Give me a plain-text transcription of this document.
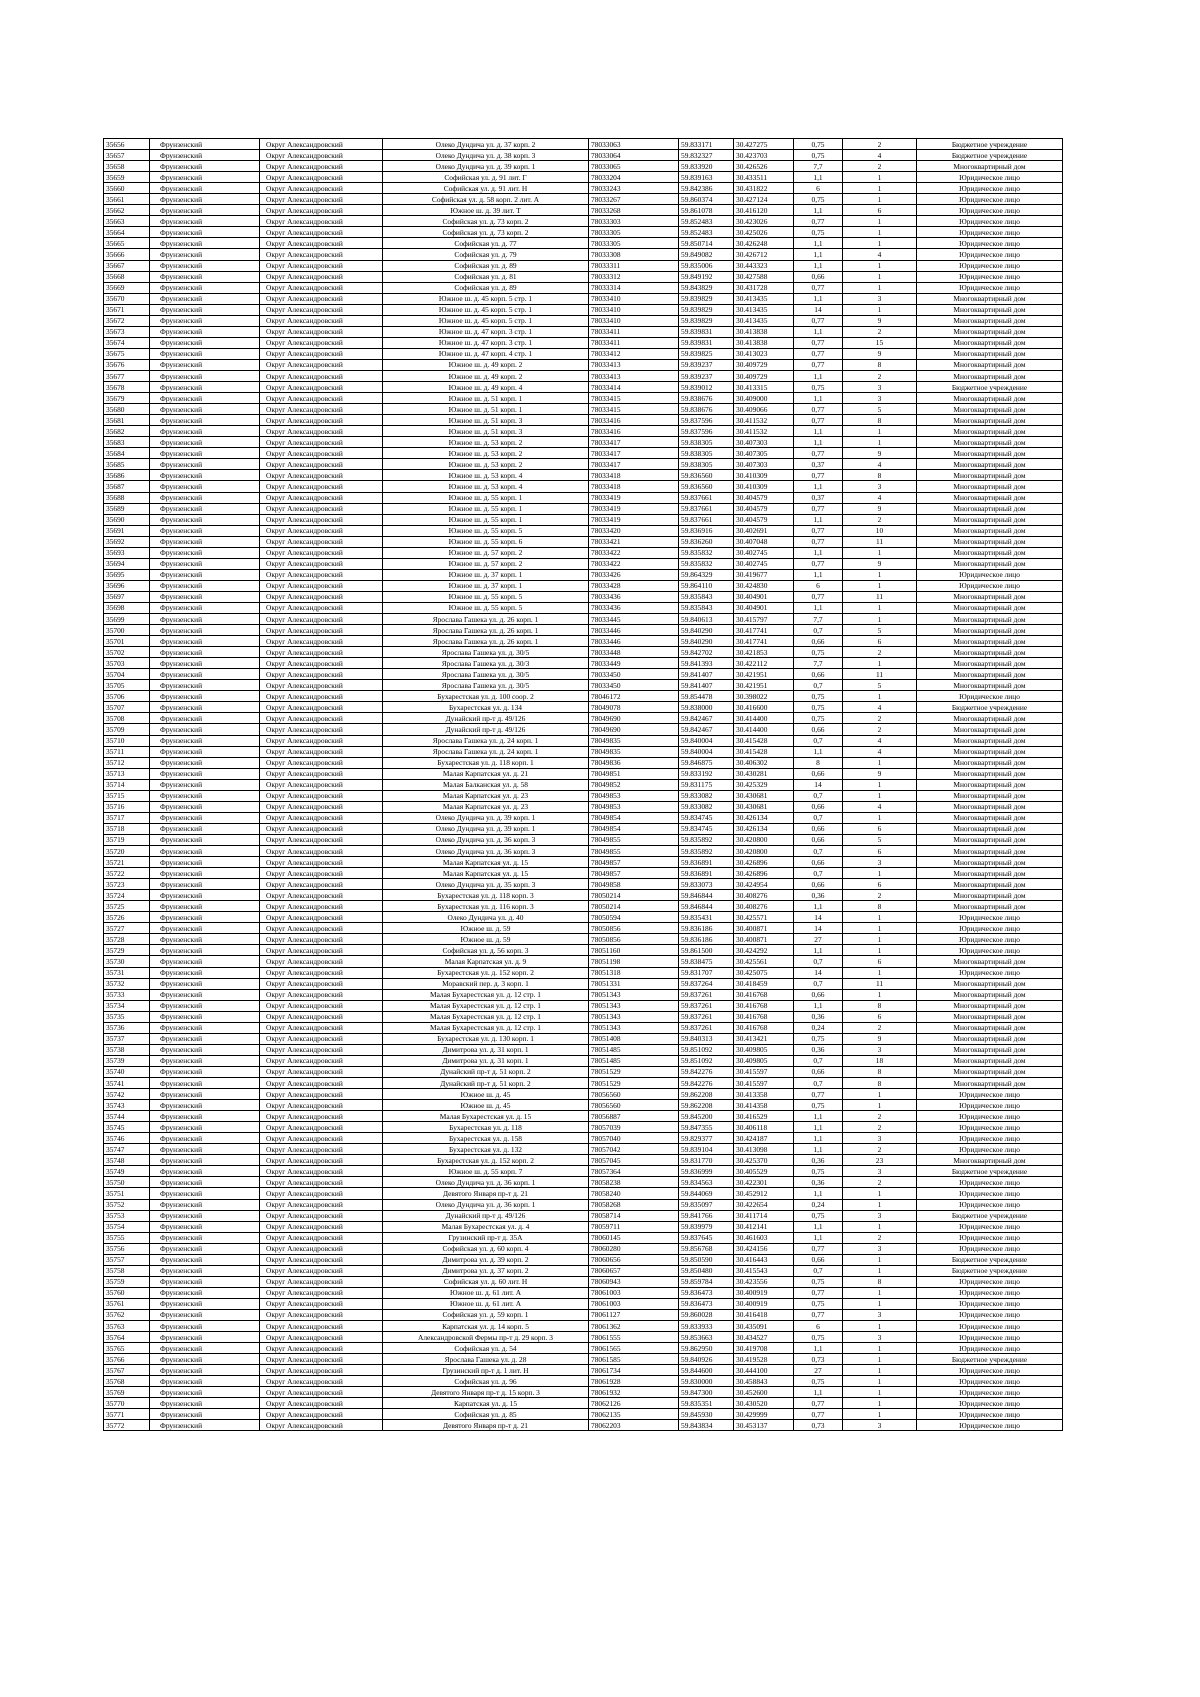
35656	Фрунзенский	Округ Александровский	Олеко Дундича ул. д. 37 корп. 2	78033063	59.833171	30.427275	0,75	2	Бюджетное учреждение
35657	Фрунзенский	Округ Александровский	Олеко Дундича ул. д. 38 корп. 3	78033064	59.832327	30.423703	0,75	4	Бюджетное учреждение
35658	Фрунзенский	Округ Александровский	Олеко Дундича ул. д. 39 корп. 1	78033065	59.833920	30.426526	7,7	2	Многоквартирный дом
35659	Фрунзенский	Округ Александровский	Софийская ул. д. 91 лит. Г	78033204	59.839163	30.433511	1,1	1	Юридическое лицо
35660	Фрунзенский	Округ Александровский	Софийская ул. д. 91 лит. Н	78033243	59.842386	30.431822	6	1	Юридическое лицо
35661	Фрунзенский	Округ Александровский	Софийская ул. д. 58 корп. 2 лит. А	78033267	59.860374	30.427124	0,75	1	Юридическое лицо
35662	Фрунзенский	Округ Александровский	Южное ш. д. 39 лит. Т	78033268	59.861078	30.416120	1,1	6	Юридическое лицо
35663	Фрунзенский	Округ Александровский	Софийская ул. д. 73 корп. 2	78033303	59.852483	30.423026	0,77	1	Юридическое лицо
35664	Фрунзенский	Округ Александровский	Софийская ул. д. 73 корп. 2	78033305	59.852483	30.425026	0,75	1	Юридическое лицо
35665	Фрунзенский	Округ Александровский	Софийская ул. д. 77	78033305	59.850714	30.426248	1,1	1	Юридическое лицо
35666	Фрунзенский	Округ Александровский	Софийская ул. д. 79	78033308	59.849082	30.426712	1,1	4	Юридическое лицо
35667	Фрунзенский	Округ Александровский	Софийская ул. д. 89	78033311	59.835006	30.443323	1,1	1	Юридическое лицо
35668	Фрунзенский	Округ Александровский	Софийская ул. д. 81	78033312	59.849192	30.427588	0,66	1	Юридическое лицо
35669	Фрунзенский	Округ Александровский	Софийская ул. д. 89	78033314	59.843829	30.431728	0,77	1	Юридическое лицо
35670	Фрунзенский	Округ Александровский	Южное ш. д. 45 корп. 5 стр. 1	78033410	59.839829	30.413435	1,1	3	Многоквартирный дом
35671	Фрунзенский	Округ Александровский	Южное ш. д. 45 корп. 5 стр. 1	78033410	59.839829	30.413435	14	1	Многоквартирный дом
35672	Фрунзенский	Округ Александровский	Южное ш. д. 45 корп. 5 стр. 1	78033410	59.839829	30.413435	0,77	9	Многоквартирный дом
35673	Фрунзенский	Округ Александровский	Южное ш. д. 47 корп. 3 стр. 1	78033411	59.839831	30.413838	1,1	2	Многоквартирный дом
35674	Фрунзенский	Округ Александровский	Южное ш. д. 47 корп. 3 стр. 1	78033411	59.839831	30.413838	0,77	15	Многоквартирный дом
35675	Фрунзенский	Округ Александровский	Южное ш. д. 47 корп. 4 стр. 1	78033412	59.839825	30.413023	0,77	9	Многоквартирный дом
35676	Фрунзенский	Округ Александровский	Южное ш. д. 49 корп. 2	78033413	59.839237	30.409729	0,77	8	Многоквартирный дом
35677	Фрунзенский	Округ Александровский	Южное ш. д. 49 корп. 2	78033413	59.839237	30.409729	1,1	2	Многоквартирный дом
35678	Фрунзенский	Округ Александровский	Южное ш. д. 49 корп. 4	78033414	59.839012	30.413315	0,75	3	Бюджетное учреждение
35679	Фрунзенский	Округ Александровский	Южное ш. д. 51 корп. 1	78033415	59.838676	30.409000	1,1	3	Многоквартирный дом
35680	Фрунзенский	Округ Александровский	Южное ш. д. 51 корп. 1	78033415	59.838676	30.409066	0,77	5	Многоквартирный дом
35681	Фрунзенский	Округ Александровский	Южное ш. д. 51 корп. 3	78033416	59.837596	30.411532	0,77	8	Многоквартирный дом
35682	Фрунзенский	Округ Александровский	Южное ш. д. 51 корп. 3	78033416	59.837596	30.411532	1,1	1	Многоквартирный дом
35683	Фрунзенский	Округ Александровский	Южное ш. д. 53 корп. 2	78033417	59.838305	30.407303	1,1	1	Многоквартирный дом
35684	Фрунзенский	Округ Александровский	Южное ш. д. 53 корп. 2	78033417	59.838305	30.407305	0,77	9	Многоквартирный дом
35685	Фрунзенский	Округ Александровский	Южное ш. д. 53 корп. 2	78033417	59.838305	30.407303	0,37	4	Многоквартирный дом
35686	Фрунзенский	Округ Александровский	Южное ш. д. 53 корп. 4	78033418	59.836560	30.410309	0,77	8	Многоквартирный дом
35687	Фрунзенский	Округ Александровский	Южное ш. д. 53 корп. 4	78033418	59.836560	30.410309	1,1	3	Многоквартирный дом
35688	Фрунзенский	Округ Александровский	Южное ш. д. 55 корп. 1	78033419	59.837661	30.404579	0,37	4	Многоквартирный дом
35689	Фрунзенский	Округ Александровский	Южное ш. д. 55 корп. 1	78033419	59.837661	30.404579	0,77	9	Многоквартирный дом
35690	Фрунзенский	Округ Александровский	Южное ш. д. 55 корп. 1	78033419	59.837661	30.404579	1,1	2	Многоквартирный дом
35691	Фрунзенский	Округ Александровский	Южное ш. д. 55 корп. 5	78033420	59.836916	30.402691	0,77	10	Многоквартирный дом
35692	Фрунзенский	Округ Александровский	Южное ш. д. 55 корп. 6	78033421	59.836260	30.407048	0,77	11	Многоквартирный дом
35693	Фрунзенский	Округ Александровский	Южное ш. д. 57 корп. 2	78033422	59.835832	30.402745	1,1	1	Многоквартирный дом
35694	Фрунзенский	Округ Александровский	Южное ш. д. 57 корп. 2	78033422	59.835832	30.402745	0,77	9	Многоквартирный дом
35695	Фрунзенский	Округ Александровский	Южное ш. д. 37 корп. 1	78033426	59.864329	30.419677	1,1	1	Юридическое лицо
35696	Фрунзенский	Округ Александровский	Южное ш. д. 37 корп. 1	78033428	59.864110	30.424830	6	1	Юридическое лицо
35697	Фрунзенский	Округ Александровский	Южное ш. д. 55 корп. 5	78033436	59.835843	30.404901	0,77	11	Многоквартирный дом
35698	Фрунзенский	Округ Александровский	Южное ш. д. 55 корп. 5	78033436	59.835843	30.404901	1,1	1	Многоквартирный дом
35699	Фрунзенский	Округ Александровский	Ярослава Гашека ул. д. 26 корп. 1	78033445	59.840613	30.415797	7,7	1	Многоквартирный дом
35700	Фрунзенский	Округ Александровский	Ярослава Гашека ул. д. 26 корп. 1	78033446	59.840290	30.417741	0,7	5	Многоквартирный дом
35701	Фрунзенский	Округ Александровский	Ярослава Гашека ул. д. 26 корп. 1	78033446	59.840290	30.417741	0,66	6	Многоквартирный дом
35702	Фрунзенский	Округ Александровский	Ярослава Гашека ул. д. 30/5	78033448	59.842702	30.421853	0,75	2	Многоквартирный дом
35703	Фрунзенский	Округ Александровский	Ярослава Гашека ул. д. 30/3	78033449	59.841393	30.422112	7,7	1	Многоквартирный дом
35704	Фрунзенский	Округ Александровский	Ярослава Гашека ул. д. 30/5	78033450	59.841407	30.421951	0,66	11	Многоквартирный дом
35705	Фрунзенский	Округ Александровский	Ярослава Гашека ул. д. 30/5	78033450	59.841407	30.421951	0,7	5	Многоквартирный дом
35706	Фрунзенский	Округ Александровский	Бухарестская ул. д. 100 соор. 2	78046172	59.854478	30.398022	0,75	1	Юридическое лицо
35707	Фрунзенский	Округ Александровский	Бухарестская ул. д. 134	78049078	59.838000	30.416600	0,75	4	Бюджетное учреждение
35708	Фрунзенский	Округ Александровский	Дунайский пр-т д. 49/126	78049690	59.842467	30.414400	0,75	2	Многоквартирный дом
35709	Фрунзенский	Округ Александровский	Дунайский пр-т д. 49/126	78049690	59.842467	30.414400	0,66	2	Многоквартирный дом
35710	Фрунзенский	Округ Александровский	Ярослава Гашека ул. д. 24 корп. 1	78049835	59.840004	30.415428	0,7	4	Многоквартирный дом
35711	Фрунзенский	Округ Александровский	Ярослава Гашека ул. д. 24 корп. 1	78049835	59.840004	30.415428	1,1	4	Многоквартирный дом
35712	Фрунзенский	Округ Александровский	Бухарестская ул. д. 118 корп. 1	78049836	59.846875	30.406302	8	1	Многоквартирный дом
35713	Фрунзенский	Округ Александровский	Малая Карпатская ул. д. 21	78049851	59.833192	30.430281	0,66	9	Многоквартирный дом
35714	Фрунзенский	Округ Александровский	Малая Балканская ул. д. 58	78049852	59.831175	30.425329	14	1	Многоквартирный дом
35715	Фрунзенский	Округ Александровский	Малая Карпатская ул. д. 23	78049853	59.833082	30.430681	0,7	1	Многоквартирный дом
35716	Фрунзенский	Округ Александровский	Малая Карпатская ул. д. 23	78049853	59.833082	30.430681	0,66	4	Многоквартирный дом
35717	Фрунзенский	Округ Александровский	Олеко Дундича ул. д. 39 корп. 1	78049854	59.834745	30.426134	0,7	1	Многоквартирный дом
35718	Фрунзенский	Округ Александровский	Олеко Дундича ул. д. 39 корп. 1	78049854	59.834745	30.426134	0,66	6	Многоквартирный дом
35719	Фрунзенский	Округ Александровский	Олеко Дундича ул. д. 36 корп. 3	78049855	59.835892	30.420800	0,66	5	Многоквартирный дом
35720	Фрунзенский	Округ Александровский	Олеко Дундича ул. д. 36 корп. 3	78049855	59.835892	30.420800	0,7	6	Многоквартирный дом
35721	Фрунзенский	Округ Александровский	Малая Карпатская ул. д. 15	78049857	59.836891	30.426896	0,66	3	Многоквартирный дом
35722	Фрунзенский	Округ Александровский	Малая Карпатская ул. д. 15	78049857	59.836891	30.426896	0,7	1	Многоквартирный дом
35723	Фрунзенский	Округ Александровский	Олеко Дундича ул. д. 35 корп. 3	78049858	59.833073	30.424954	0,66	6	Многоквартирный дом
35724	Фрунзенский	Округ Александровский	Бухарестская ул. д. 118 корп. 3	78050214	59.846844	30.408276	0,36	2	Многоквартирный дом
35725	Фрунзенский	Округ Александровский	Бухарестская ул. д. 116 корп. 3	78050214	59.846844	30.408276	1,1	8	Многоквартирный дом
35726	Фрунзенский	Округ Александровский	Олеко Дундича ул. д. 40	78050594	59.835431	30.425571	14	1	Юридическое лицо
35727	Фрунзенский	Округ Александровский	Южное ш. д. 59	78050856	59.836186	30.400871	14	1	Юридическое лицо
35728	Фрунзенский	Округ Александровский	Южное ш. д. 59	78050856	59.836186	30.400871	27	1	Юридическое лицо
35729	Фрунзенский	Округ Александровский	Софийская ул. д. 56 корп. 3	78051160	59.861500	30.424292	1,1	1	Юридическое лицо
35730	Фрунзенский	Округ Александровский	Малая Карпатская ул. д. 9	78051198	59.838475	30.425561	0,7	6	Многоквартирный дом
35731	Фрунзенский	Округ Александровский	Бухарестская ул. д. 152 корп. 2	78051318	59.831707	30.425075	14	1	Юридическое лицо
35732	Фрунзенский	Округ Александровский	Моравский пер. д. 3 корп. 1	78051331	59.837264	30.418459	0,7	11	Многоквартирный дом
35733	Фрунзенский	Округ Александровский	Малая Бухарестская ул. д. 12 стр. 1	78051343	59.837261	30.416768	0,66	1	Многоквартирный дом
35734	Фрунзенский	Округ Александровский	Малая Бухарестская ул. д. 12 стр. 1	78051343	59.837261	30.416768	1,1	8	Многоквартирный дом
35735	Фрунзенский	Округ Александровский	Малая Бухарестская ул. д. 12 стр. 1	78051343	59.837261	30.416768	0,36	6	Многоквартирный дом
35736	Фрунзенский	Округ Александровский	Малая Бухарестская ул. д. 12 стр. 1	78051343	59.837261	30.416768	0,24	2	Многоквартирный дом
35737	Фрунзенский	Округ Александровский	Бухарестская ул. д. 130 корп. 1	78051408	59.840313	30.413421	0,75	9	Многоквартирный дом
35738	Фрунзенский	Округ Александровский	Димитрова ул. д. 31 корп. 1	78051485	59.851092	30.409805	0,36	3	Многоквартирный дом
35739	Фрунзенский	Округ Александровский	Димитрова ул. д. 31 корп. 1	78051485	59.851092	30.409805	0,7	18	Многоквартирный дом
35740	Фрунзенский	Округ Александровский	Дунайский пр-т д. 51 корп. 2	78051529	59.842276	30.415597	0,66	8	Многоквартирный дом
35741	Фрунзенский	Округ Александровский	Дунайский пр-т д. 51 корп. 2	78051529	59.842276	30.415597	0,7	8	Многоквартирный дом
35742	Фрунзенский	Округ Александровский	Южное ш. д. 45	78056560	59.862208	30.413358	0,77	1	Юридическое лицо
35743	Фрунзенский	Округ Александровский	Южное ш. д. 45	78056560	59.862208	30.414358	0,75	1	Юридическое лицо
35744	Фрунзенский	Округ Александровский	Малая Бухарестская ул. д. 15	78056887	59.845200	30.416529	1,1	2	Юридическое лицо
35745	Фрунзенский	Округ Александровский	Бухарестская ул. д. 118	78057039	59.847355	30.406118	1,1	2	Юридическое лицо
35746	Фрунзенский	Округ Александровский	Бухарестская ул. д. 158	78057040	59.829377	30.424187	1,1	3	Юридическое лицо
35747	Фрунзенский	Округ Александровский	Бухарестская ул. д. 132	78057042	59.839104	30.413098	1,1	2	Юридическое лицо
35748	Фрунзенский	Округ Александровский	Бухарестская ул. д. 152 корп. 2	78057045	59.831770	30.425370	0,36	23	Многоквартирный дом
35749	Фрунзенский	Округ Александровский	Южное ш. д. 55 корп. 7	78057364	59.836999	30.405529	0,75	3	Бюджетное учреждение
35750	Фрунзенский	Округ Александровский	Олеко Дундича ул. д. 36 корп. 1	78058238	59.834563	30.422301	0,36	2	Юридическое лицо
35751	Фрунзенский	Округ Александровский	Девятого Января пр-т д. 21	78058240	59.844069	30.452912	1,1	1	Юридическое лицо
35752	Фрунзенский	Округ Александровский	Олеко Дундича ул. д. 36 корп. 1	78058268	59.835097	30.422654	0,24	1	Юридическое лицо
35753	Фрунзенский	Округ Александровский	Дунайский пр-т д. 49/126	78058714	59.841766	30.411714	0,75	3	Бюджетное учреждение
35754	Фрунзенский	Округ Александровский	Малая Бухарестская ул. д. 4	78059711	59.839979	30.412141	1,1	1	Юридическое лицо
35755	Фрунзенский	Округ Александровский	Грузинский пр-т д. 35А	78060145	59.837645	30.461603	1,1	2	Юридическое лицо
35756	Фрунзенский	Округ Александровский	Софийская ул. д. 60 корп. 4	78060280	59.856768	30.424156	0,77	3	Юридическое лицо
35757	Фрунзенский	Округ Александровский	Димитрова ул. д. 39 корп. 2	78060656	59.850590	30.416443	0,66	1	Бюджетное учреждение
35758	Фрунзенский	Округ Александровский	Димитрова ул. д. 37 корп. 2	78060657	59.850480	30.415543	0,7	1	Бюджетное учреждение
35759	Фрунзенский	Округ Александровский	Софийская ул. д. 60 лит. Н	78060943	59.859784	30.423556	0,75	8	Юридическое лицо
35760	Фрунзенский	Округ Александровский	Южное ш. д. 61 лит. А	78061003	59.836473	30.400919	0,77	1	Юридическое лицо
35761	Фрунзенский	Округ Александровский	Южное ш. д. 61 лит. А	78061003	59.836473	30.400919	0,75	1	Юридическое лицо
35762	Фрунзенский	Округ Александровский	Софийская ул. д. 59 корп. 1	78061127	59.860028	30.416418	0,77	3	Юридическое лицо
35763	Фрунзенский	Округ Александровский	Карпатская ул. д. 14 корп. 5	78061362	59.833933	30.435091	6	1	Юридическое лицо
35764	Фрунзенский	Округ Александровский	Александровской Фермы пр-т д. 29 корп. 3	78061555	59.853663	30.434527	0,75	3	Юридическое лицо
35765	Фрунзенский	Округ Александровский	Софийская ул. д. 54	78061565	59.862950	30.419708	1,1	1	Юридическое лицо
35766	Фрунзенский	Округ Александровский	Ярослава Гашека ул. д. 28	78061585	59.840926	30.419528	0,73	1	Бюджетное учреждение
35767	Фрунзенский	Округ Александровский	Грузинский пр-т д. 1 лит. Н	78061734	59.844600	30.444100	27	1	Юридическое лицо
35768	Фрунзенский	Округ Александровский	Софийская ул. д. 96	78061928	59.830000	30.458843	0,75	1	Юридическое лицо
35769	Фрунзенский	Округ Александровский	Девятого Января пр-т д. 15 корп. 3	78061932	59.847300	30.452600	1,1	1	Юридическое лицо
35770	Фрунзенский	Округ Александровский	Карпатская ул. д. 15	78062126	59.835351	30.430520	0,77	1	Юридическое лицо
35771	Фрунзенский	Округ Александровский	Софийская ул. д. 85	78062135	59.845930	30.429999	0,77	1	Юридическое лицо
35772	Фрунзенский	Округ Александровский	Девятого Января пр-т д. 21	78062203	59.843834	30.453137	0,73	3	Юридическое лицо
